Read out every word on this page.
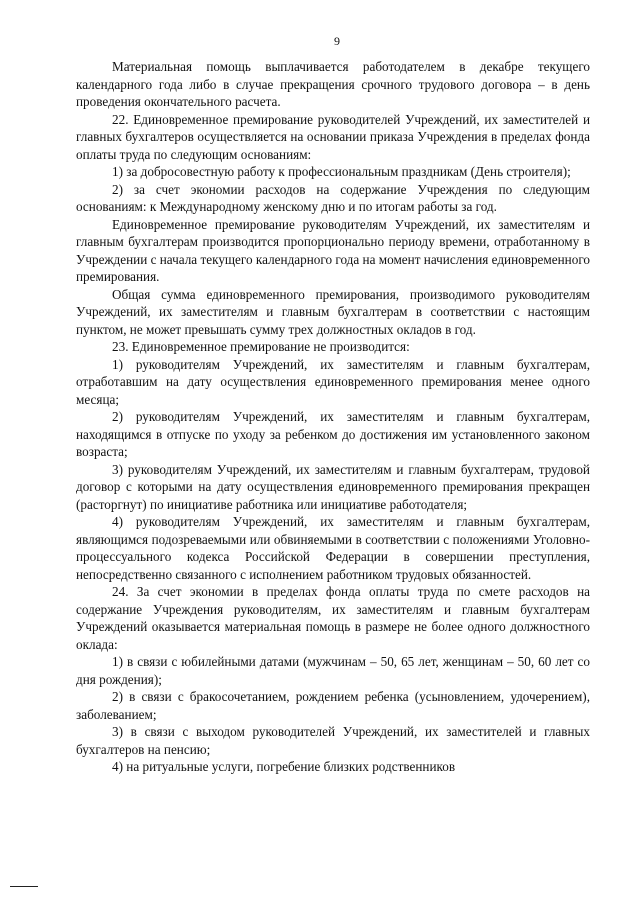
9

Материальная помощь выплачивается работодателем в декабре текущего календарного года либо в случае прекращения срочного трудового договора – в день проведения окончательного расчета.

22. Единовременное премирование руководителей Учреждений, их заместителей и главных бухгалтеров осуществляется на основании приказа Учреждения в пределах фонда оплаты труда по следующим основаниям:

1) за добросовестную работу к профессиональным праздникам (День строителя);

2) за счет экономии расходов на содержание Учреждения по следующим основаниям: к Международному женскому дню и по итогам работы за год.

Единовременное премирование руководителям Учреждений, их заместителям и главным бухгалтерам производится пропорционально периоду времени, отработанному в Учреждении с начала текущего календарного года на момент начисления единовременного премирования.

Общая сумма единовременного премирования, производимого руководителям Учреждений, их заместителям и главным бухгалтерам в соответствии с настоящим пунктом, не может превышать сумму трех должностных окладов в год.

23. Единовременное премирование не производится:

1) руководителям Учреждений, их заместителям и главным бухгалтерам, отработавшим на дату осуществления единовременного премирования менее одного месяца;

2) руководителям Учреждений, их заместителям и главным бухгалтерам, находящимся в отпуске по уходу за ребенком до достижения им установленного законом возраста;

3) руководителям Учреждений, их заместителям и главным бухгалтерам, трудовой договор с которыми на дату осуществления единовременного премирования прекращен (расторгнут) по инициативе работника или инициативе работодателя;

4) руководителям Учреждений, их заместителям и главным бухгалтерам, являющимся подозреваемыми или обвиняемыми в соответствии с положениями Уголовно-процессуального кодекса Российской Федерации в совершении преступления, непосредственно связанного с исполнением работником трудовых обязанностей.

24. За счет экономии в пределах фонда оплаты труда по смете расходов на содержание Учреждения руководителям, их заместителям и главным бухгалтерам Учреждений оказывается материальная помощь в размере не более одного должностного оклада:

1) в связи с юбилейными датами (мужчинам – 50, 65 лет, женщинам – 50, 60 лет со дня рождения);

2) в связи с бракосочетанием, рождением ребенка (усыновлением, удочерением), заболеванием;

3) в связи с выходом руководителей Учреждений, их заместителей и главных бухгалтеров на пенсию;

4) на ритуальные услуги, погребение близких родственников
